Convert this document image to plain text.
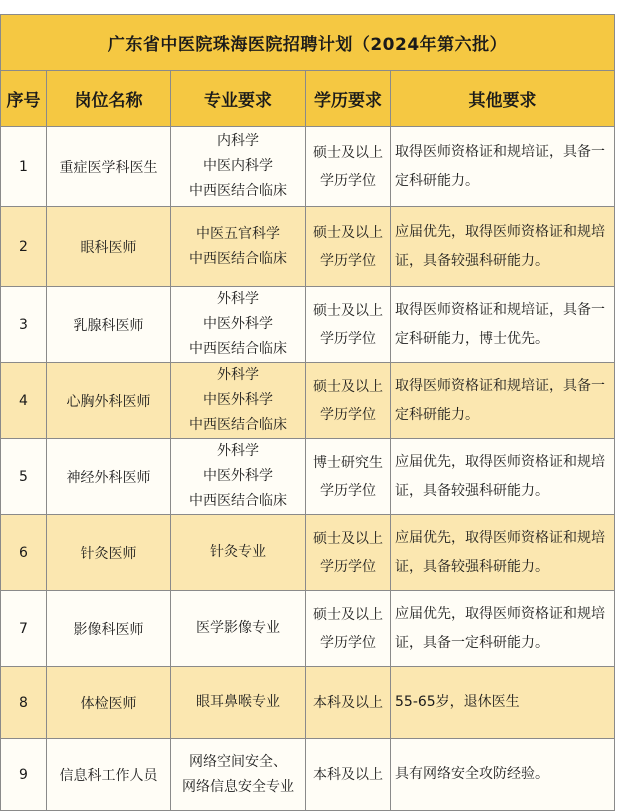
广东省中医院珠海医院招聘计划（2024年第六批）				
序号	岗位名称	专业要求	学历要求	其他要求
1	重症医学科医生	内科学
中医内科学
中西医结合临床	硕士及以上
学历学位	取得医师资格证和规培证，具备一定科研能力。
2	眼科医师	中医五官科学
中西医结合临床	硕士及以上
学历学位	应届优先，取得医师资格证和规培证，具备较强科研能力。
3	乳腺科医师	外科学
中医外科学
中西医结合临床	硕士及以上
学历学位	取得医师资格证和规培证，具备一定科研能力，博士优先。
4	心胸外科医师	外科学
中医外科学
中西医结合临床	硕士及以上
学历学位	取得医师资格证和规培证，具备一定科研能力。
5	神经外科医师	外科学
中医外科学
中西医结合临床	博士研究生
学历学位	应届优先，取得医师资格证和规培证，具备较强科研能力。
6	针灸医师	针灸专业	硕士及以上
学历学位	应届优先，取得医师资格证和规培证，具备较强科研能力。
7	影像科医师	医学影像专业	硕士及以上
学历学位	应届优先，取得医师资格证和规培证，具备一定科研能力。
8	体检医师	眼耳鼻喉专业	本科及以上	55-65岁，退休医生
9	信息科工作人员	网络空间安全、
网络信息安全专业	本科及以上	具有网络安全攻防经验。
